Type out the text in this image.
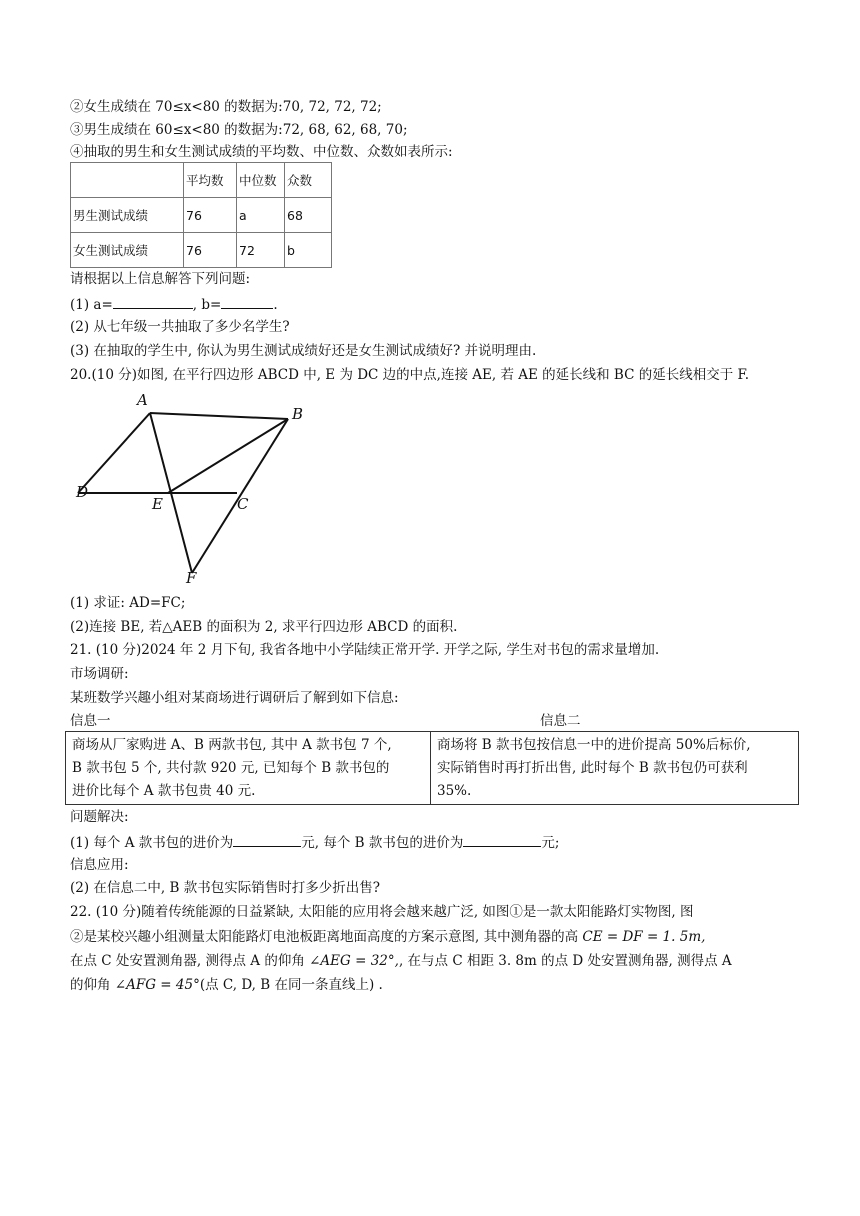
②女生成绩在 70≤x<80 的数据为:70, 72, 72, 72;
③男生成绩在 60≤x<80 的数据为:72, 68, 62, 68, 70;
④抽取的男生和女生测试成绩的平均数、中位数、众数如表所示:
	平均数	中位数	众数
男生测试成绩	76	a	68
女生测试成绩	76	72	b
请根据以上信息解答下列问题:
(1) a=	, b=	.
(2) 从七年级一共抽取了多少名学生?
(3) 在抽取的学生中, 你认为男生测试成绩好还是女生测试成绩好? 并说明理由.
20.(10 分)如图, 在平行四边形 ABCD 中, E 为 DC 边的中点,连接 AE, 若 AE 的延长线和 BC 的延长线相交于 F.
A
B
C
D
E
F
(1) 求证: AD=FC;
(2)连接 BE, 若△AEB 的面积为 2, 求平行四边形 ABCD 的面积.
21. (10 分)2024 年 2 月下旬, 我省各地中小学陆续正常开学. 开学之际, 学生对书包的需求量增加.
市场调研:
某班数学兴趣小组对某商场进行调研后了解到如下信息:
信息一	信息二
商场从厂家购进 A、B 两款书包, 其中 A 款书包 7 个,
B 款书包 5 个, 共付款 920 元, 已知每个 B 款书包的
进价比每个 A 款书包贵 40 元.
商场将 B 款书包按信息一中的进价提高 50%后标价,
实际销售时再打折出售, 此时每个 B 款书包仍可获利
35%.
问题解决:
(1) 每个 A 款书包的进价为	元, 每个 B 款书包的进价为	元;
信息应用:
(2) 在信息二中, B 款书包实际销售时打多少折出售?
22. (10 分)随着传统能源的日益紧缺, 太阳能的应用将会越来越广泛, 如图①是一款太阳能路灯实物图, 图
②是某校兴趣小组测量太阳能路灯电池板距离地面高度的方案示意图, 其中测角器的高 CE = DF = 1. 5m,
在点 C 处安置测角器, 测得点 A 的仰角 ∠AEG = 32°,, 在与点 C 相距 3. 8m 的点 D 处安置测角器, 测得点 A
的仰角 ∠AFG = 45°(点 C, D, B 在同一条直线上) .
